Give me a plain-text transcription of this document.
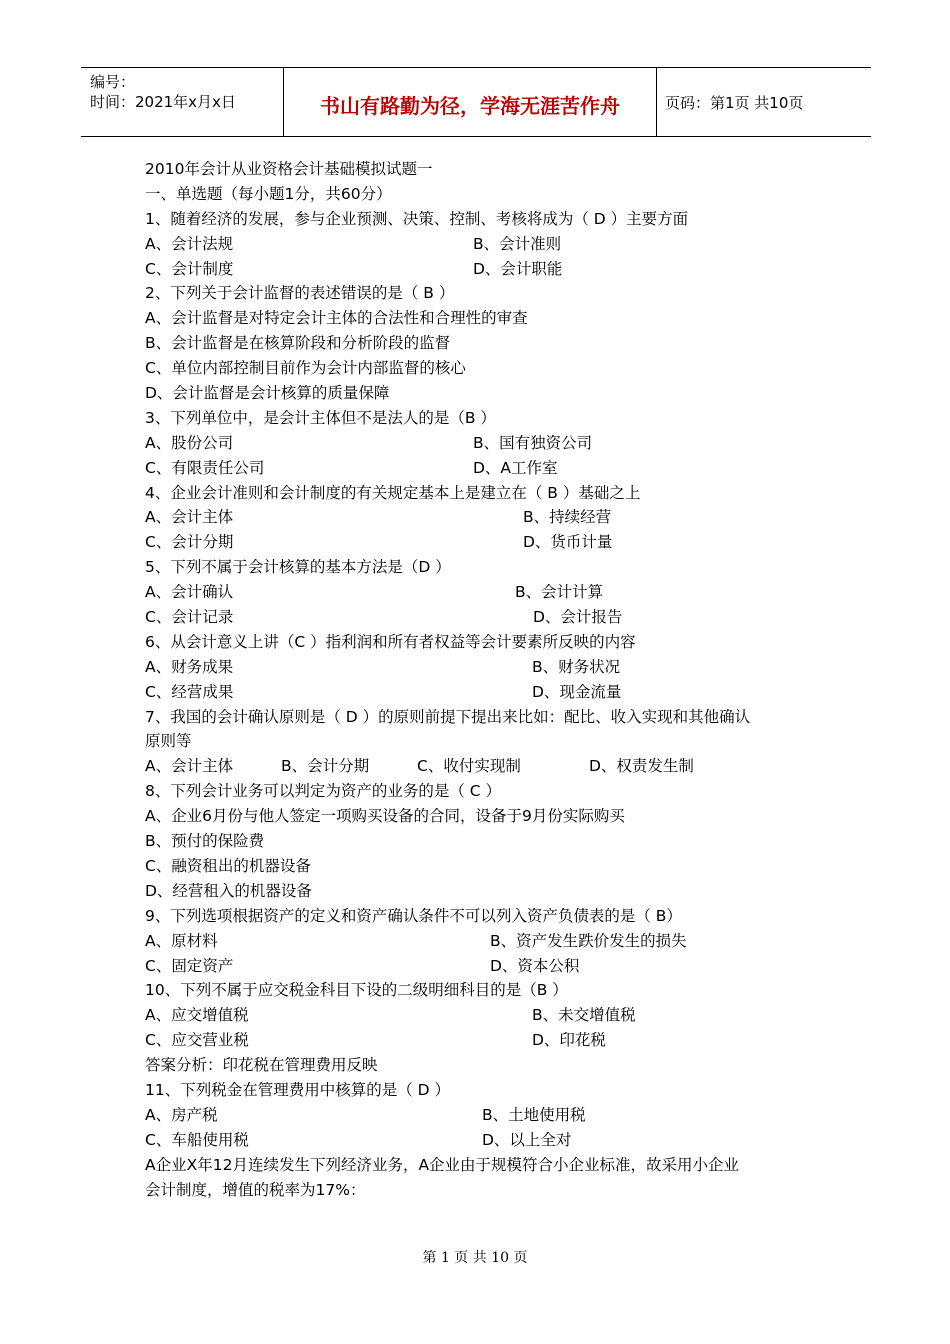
编号：
时间：2021年x月x日	书山有路勤为径，学海无涯苦作舟	页码：第1页 共10页
2010年会计从业资格会计基础模拟试题一
一、单选题（每小题1分，共60分）
1、随着经济的发展，参与企业预测、决策、控制、考核将成为（ D ）主要方面
A、会计法规	B、会计准则
C、会计制度	D、会计职能
2、下列关于会计监督的表述错误的是（ B ）
A、会计监督是对特定会计主体的合法性和合理性的审查
B、会计监督是在核算阶段和分析阶段的监督
C、单位内部控制目前作为会计内部监督的核心
D、会计监督是会计核算的质量保障
3、下列单位中，是会计主体但不是法人的是（B ）
A、股份公司	B、国有独资公司
C、有限责任公司	D、A工作室
4、企业会计准则和会计制度的有关规定基本上是建立在（ B ）基础之上
A、会计主体	B、持续经营
C、会计分期	D、货币计量
5、下列不属于会计核算的基本方法是（D ）
A、会计确认	B、会计计算
C、会计记录	D、会计报告
6、从会计意义上讲（C ）指利润和所有者权益等会计要素所反映的内容
A、财务成果	B、财务状况
C、经营成果	D、现金流量
7、我国的会计确认原则是（ D ）的原则前提下提出来比如：配比、收入实现和其他确认
原则等
A、会计主体	B、会计分期	C、收付实现制	D、权责发生制
8、下列会计业务可以判定为资产的业务的是（ C ）
A、企业6月份与他人签定一项购买设备的合同，设备于9月份实际购买
B、预付的保险费
C、融资租出的机器设备
D、经营租入的机器设备
9、下列选项根据资产的定义和资产确认条件不可以列入资产负债表的是（ B）
A、原材料	B、资产发生跌价发生的损失
C、固定资产	D、资本公积
10、下列不属于应交税金科目下设的二级明细科目的是（B ）
A、应交增值税	B、未交增值税
C、应交营业税	D、印花税
答案分析：印花税在管理费用反映
11、下列税金在管理费用中核算的是（ D ）
A、房产税	B、土地使用税
C、车船使用税	D、以上全对
A企业X年12月连续发生下列经济业务，A企业由于规模符合小企业标准，故采用小企业
会计制度，增值的税率为17%：
第 1 页 共 10 页
